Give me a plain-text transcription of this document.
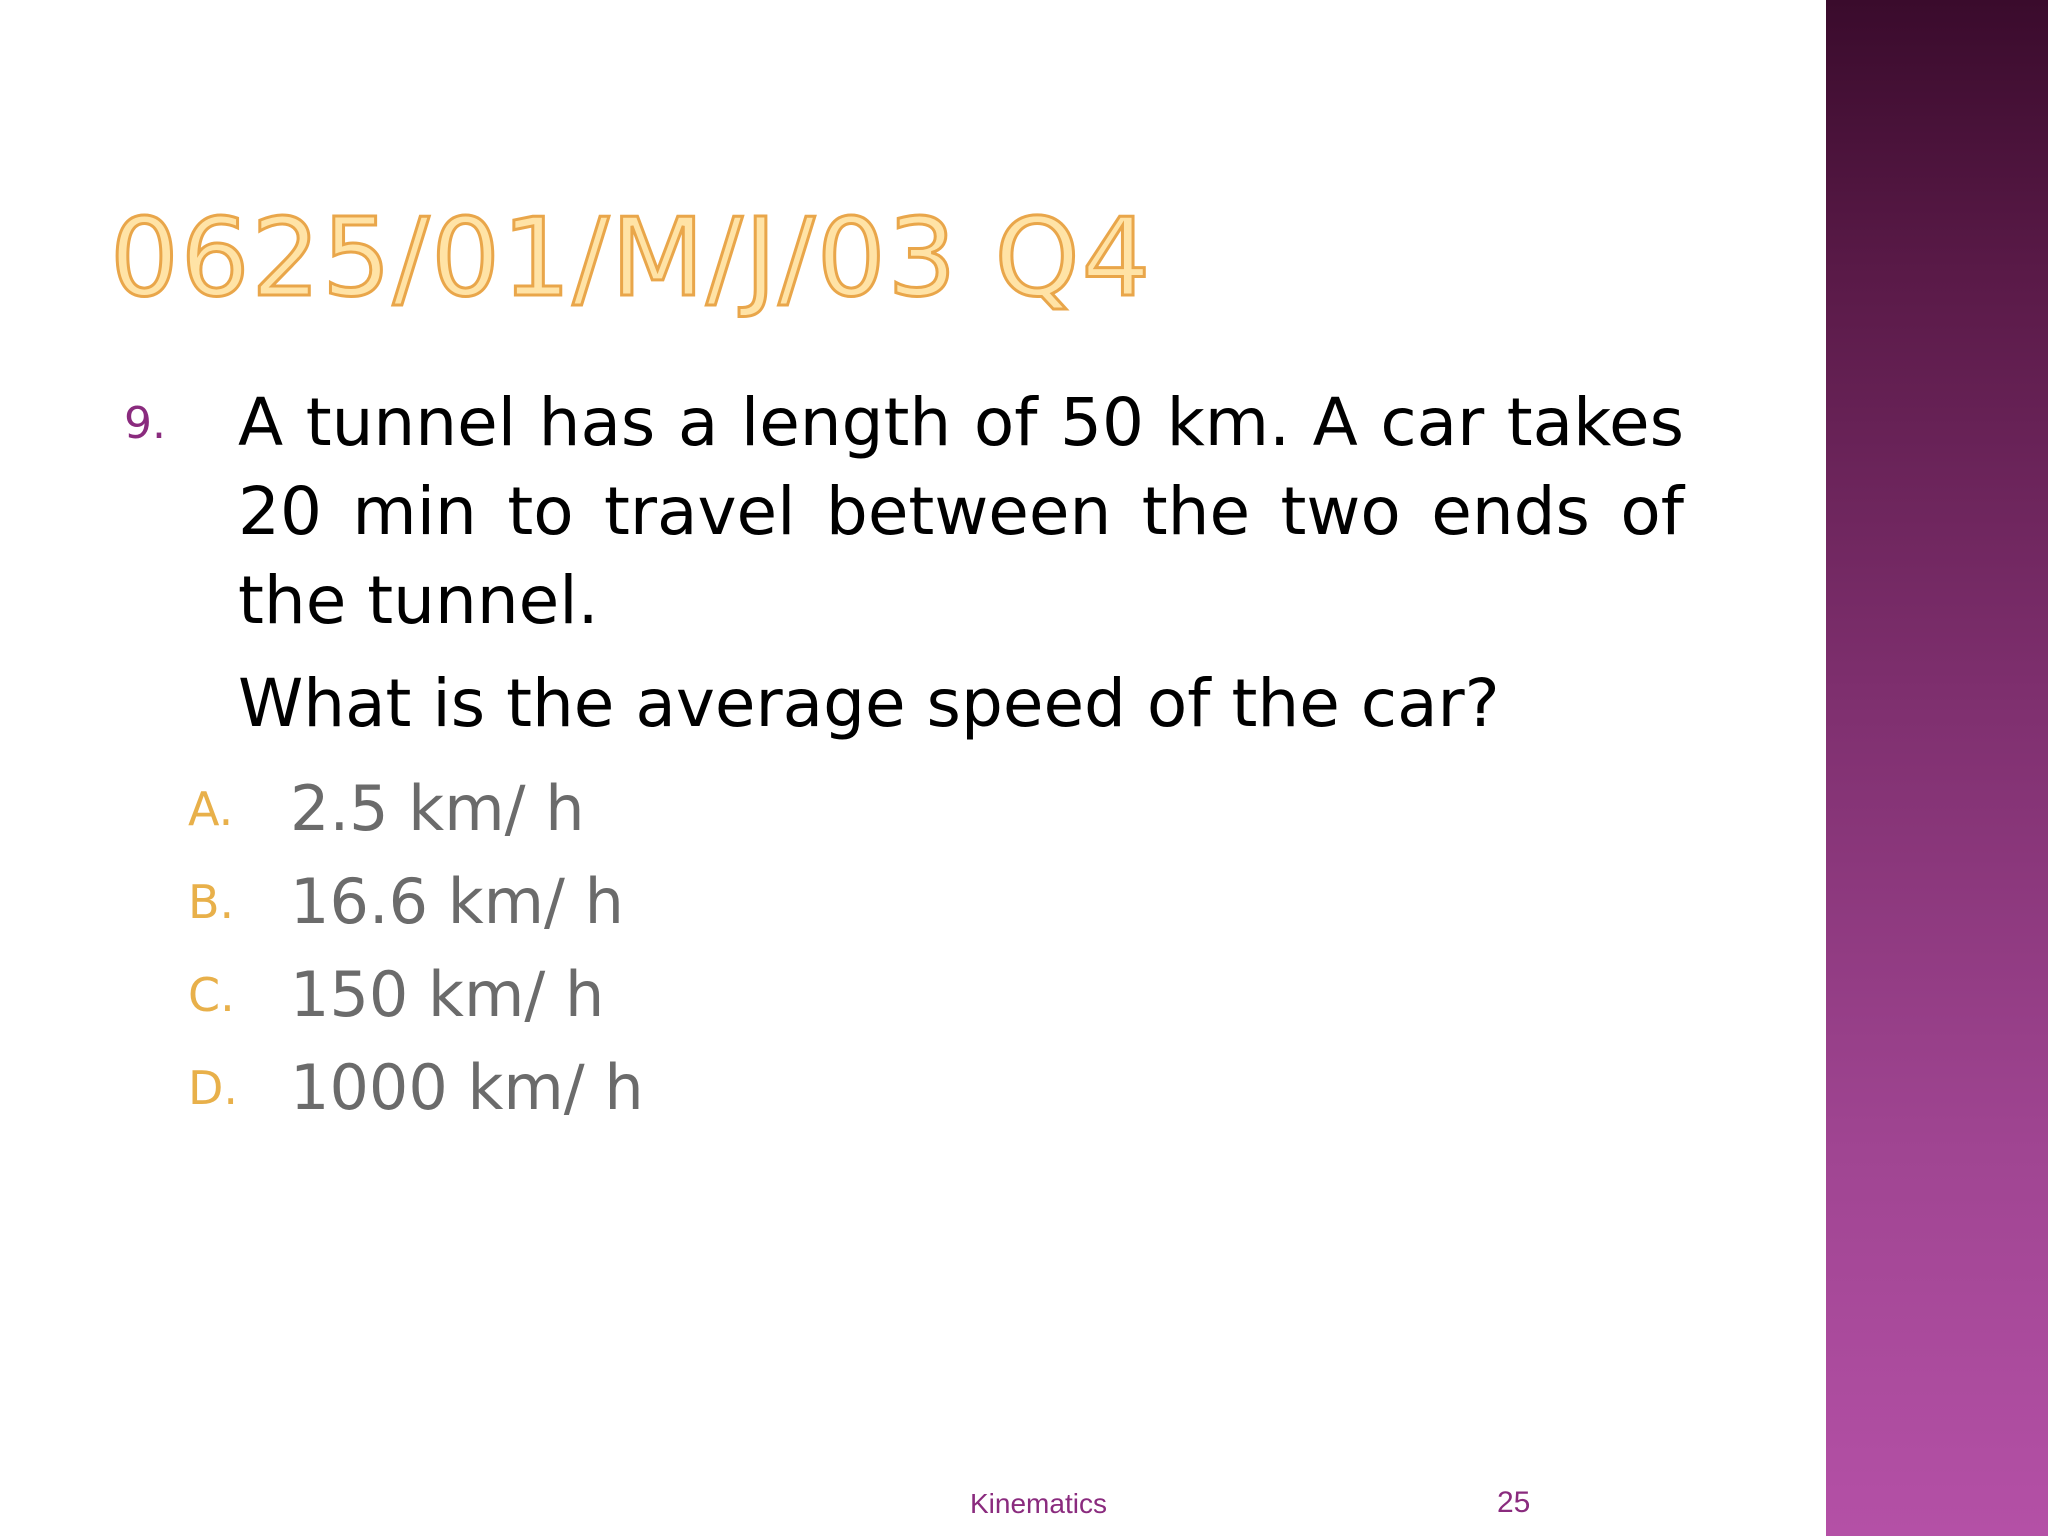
0625/01/M/J/03 Q4
9.	A tunnel has a length of 50 km. A car takes 20 min to travel between the two ends of the tunnel.
What is the average speed of the car?
A. 2.5 km/ h
B. 16.6 km/ h
C. 150 km/ h
D. 1000 km/ h
Kinematics	25
